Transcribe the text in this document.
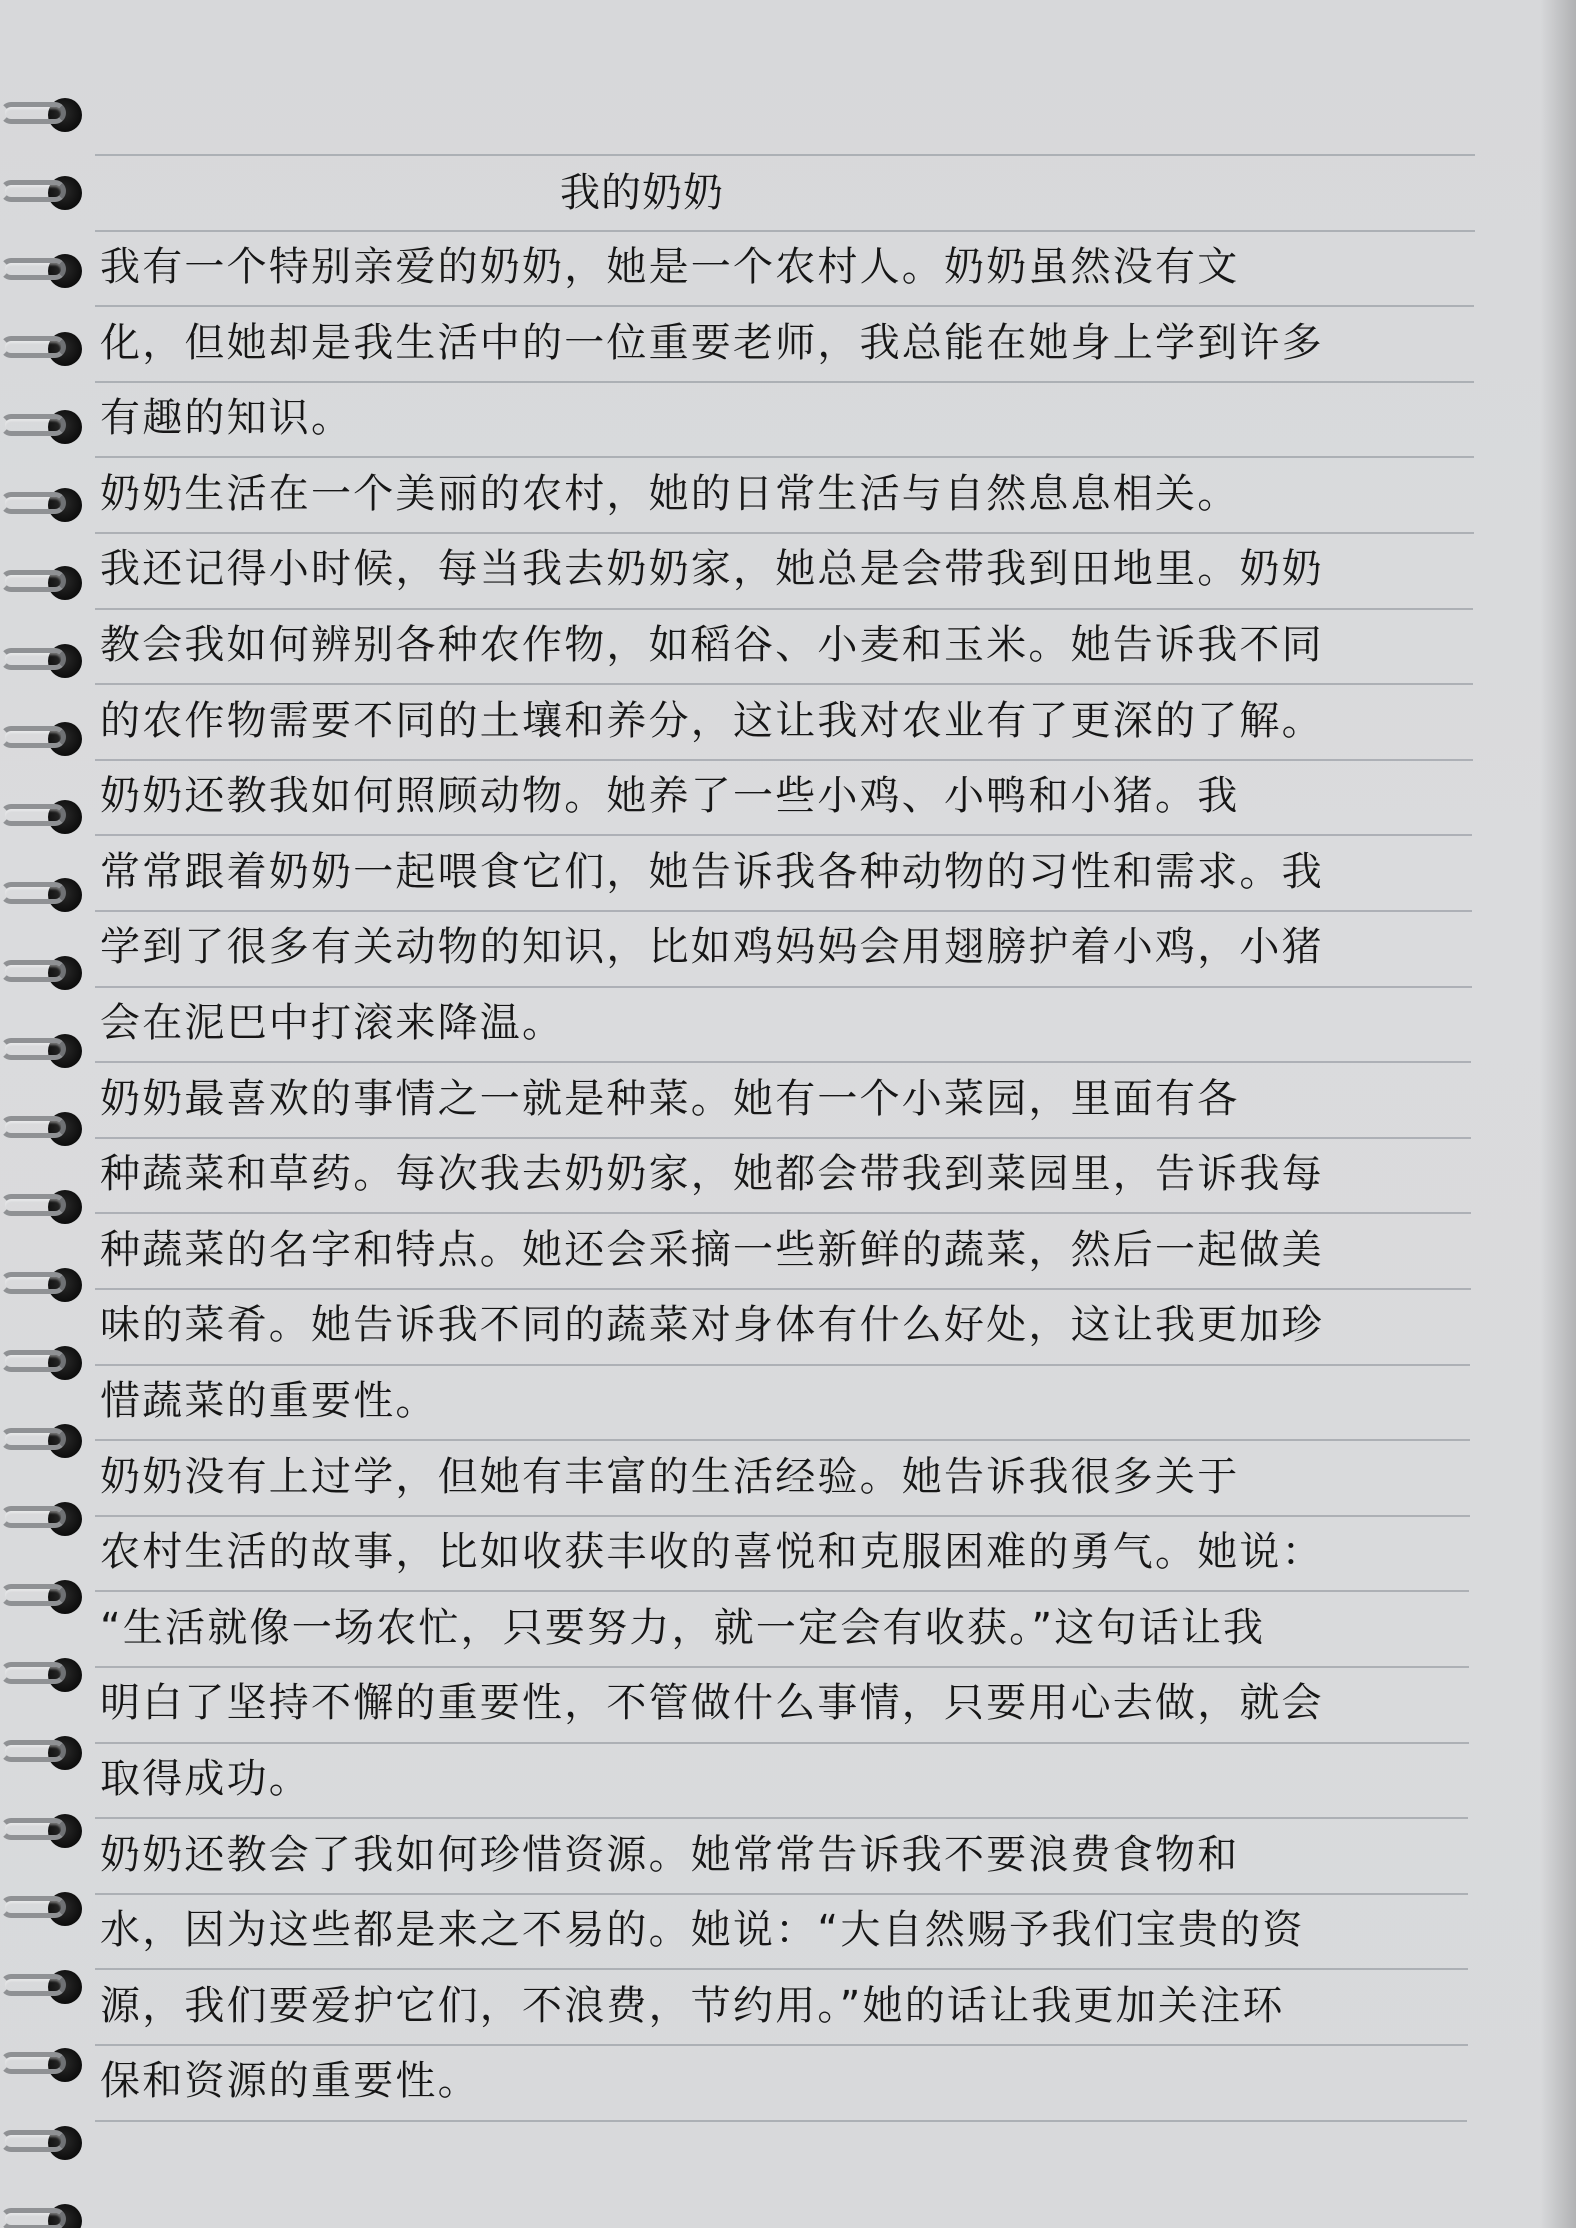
我的奶奶
我有一个特别亲爱的奶奶，她是一个农村人。奶奶虽然没有文
化，但她却是我生活中的一位重要老师，我总能在她身上学到许多
有趣的知识。
奶奶生活在一个美丽的农村，她的日常生活与自然息息相关。
我还记得小时候，每当我去奶奶家，她总是会带我到田地里。奶奶
教会我如何辨别各种农作物，如稻谷、小麦和玉米。她告诉我不同
的农作物需要不同的土壤和养分，这让我对农业有了更深的了解。
奶奶还教我如何照顾动物。她养了一些小鸡、小鸭和小猪。我
常常跟着奶奶一起喂食它们，她告诉我各种动物的习性和需求。我
学到了很多有关动物的知识，比如鸡妈妈会用翅膀护着小鸡，小猪
会在泥巴中打滚来降温。
奶奶最喜欢的事情之一就是种菜。她有一个小菜园，里面有各
种蔬菜和草药。每次我去奶奶家，她都会带我到菜园里，告诉我每
种蔬菜的名字和特点。她还会采摘一些新鲜的蔬菜，然后一起做美
味的菜肴。她告诉我不同的蔬菜对身体有什么好处，这让我更加珍
惜蔬菜的重要性。
奶奶没有上过学，但她有丰富的生活经验。她告诉我很多关于
农村生活的故事，比如收获丰收的喜悦和克服困难的勇气。她说：
“生活就像一场农忙，只要努力，就一定会有收获。”这句话让我
明白了坚持不懈的重要性，不管做什么事情，只要用心去做，就会
取得成功。
奶奶还教会了我如何珍惜资源。她常常告诉我不要浪费食物和
水，因为这些都是来之不易的。她说：“大自然赐予我们宝贵的资
源，我们要爱护它们，不浪费，节约用。”她的话让我更加关注环
保和资源的重要性。
